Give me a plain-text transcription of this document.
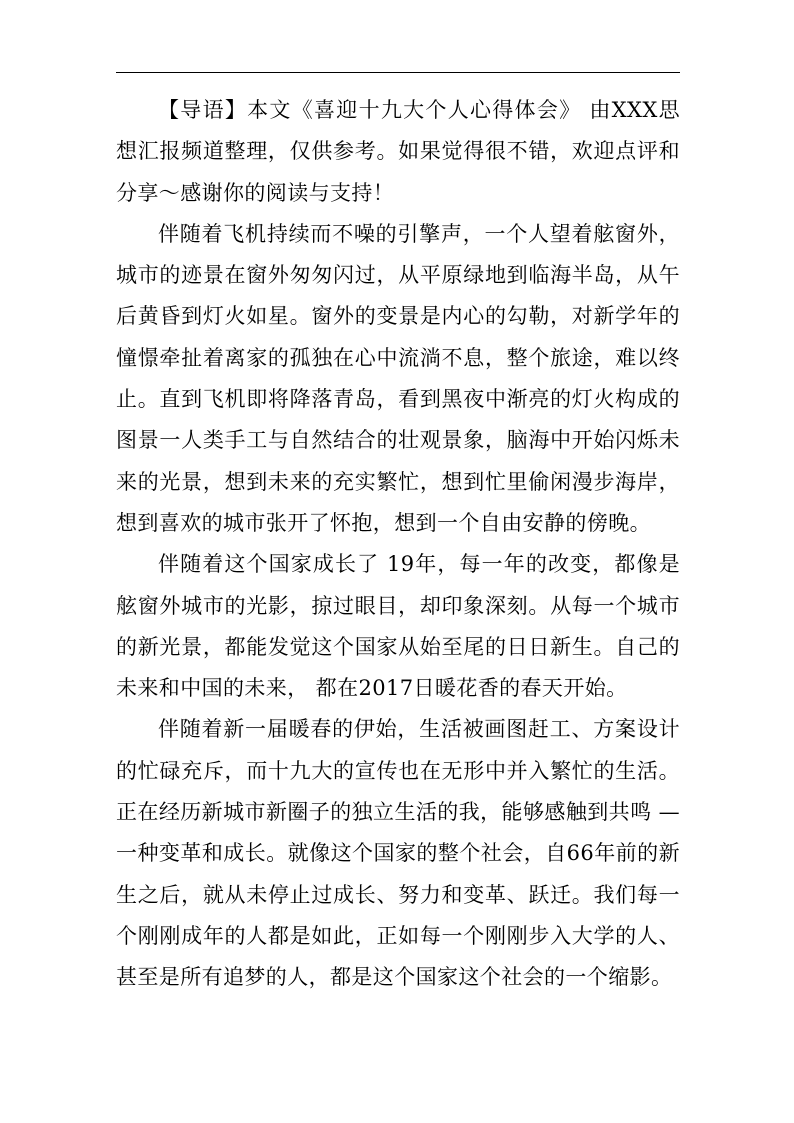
【导语】本文《喜迎十九大个人心得体会》 由XXX思想汇报频道整理，仅供参考。如果觉得很不错，欢迎点评和分享～感谢你的阅读与支持！

伴随着飞机持续而不噪的引擎声，一个人望着舷窗外，城市的迹景在窗外匆匆闪过，从平原绿地到临海半岛，从午后黄昏到灯火如星。窗外的变景是内心的勾勒，对新学年的憧憬牵扯着离家的孤独在心中流淌不息，整个旅途，难以终止。直到飞机即将降落青岛，看到黑夜中渐亮的灯火构成的图景一人类手工与自然结合的壮观景象，脑海中开始闪烁未来的光景，想到未来的充实繁忙，想到忙里偷闲漫步海岸，想到喜欢的城市张开了怀抱，想到一个自由安静的傍晚。

伴随着这个国家成长了 19年，每一年的改变，都像是舷窗外城市的光影，掠过眼目，却印象深刻。从每一个城市的新光景，都能发觉这个国家从始至尾的日日新生。自己的未来和中国的未来， 都在2017日暖花香的春天开始。

伴随着新一届暖春的伊始，生活被画图赶工、方案设计的忙碌充斥，而十九大的宣传也在无形中并入繁忙的生活。正在经历新城市新圈子的独立生活的我，能够感触到共鸣 —一种变革和成长。就像这个国家的整个社会，自66年前的新生之后，就从未停止过成长、努力和变革、跃迁。我们每一个刚刚成年的人都是如此，正如每一个刚刚步入大学的人、甚至是所有追梦的人，都是这个国家这个社会的一个缩影。
